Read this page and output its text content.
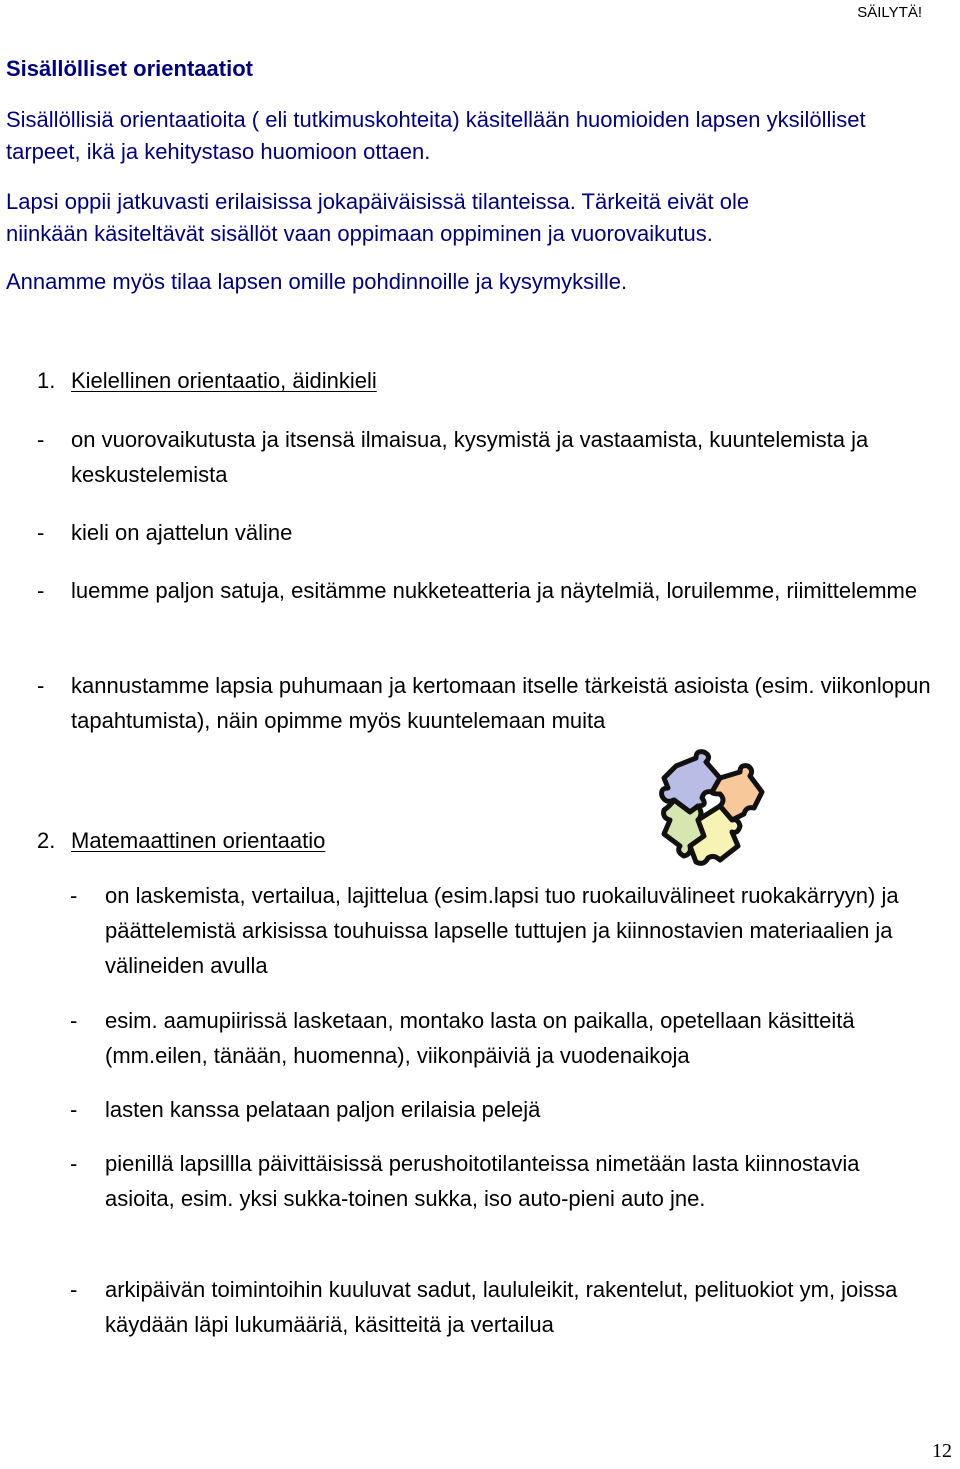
SÄILYTÄ!
Sisällölliset orientaatiot
Sisällöllisiä orientaatioita ( eli tutkimuskohteita) käsitellään huomioiden lapsen yksilölliset tarpeet, ikä ja kehitystaso huomioon ottaen.
Lapsi oppii jatkuvasti erilaisissa jokapäiväisissä tilanteissa. Tärkeitä eivät ole
niinkään käsiteltävät sisällöt vaan oppimaan oppiminen ja vuorovaikutus.
Annamme myös tilaa lapsen omille pohdinnoille ja kysymyksille.
1. Kielellinen orientaatio, äidinkieli
- on vuorovaikutusta ja itsensä ilmaisua, kysymistä ja vastaamista, kuuntelemista ja keskustelemista
- kieli on ajattelun väline
- luemme paljon satuja, esitämme nukketeatteria ja näytelmiä, loruilemme, riimittelemme
- kannustamme lapsia puhumaan ja kertomaan itselle tärkeistä asioista (esim. viikonlopun tapahtumista), näin opimme myös kuuntelemaan muita
2. Matemaattinen orientaatio
- on laskemista, vertailua, lajittelua (esim.lapsi tuo ruokailuvälineet ruokakärryyn) ja päättelemistä arkisissa touhuissa lapselle tuttujen ja kiinnostavien materiaalien ja välineiden avulla
- esim. aamupiirissä lasketaan, montako lasta on paikalla, opetellaan käsitteitä (mm.eilen, tänään, huomenna), viikonpäiviä ja vuodenaikoja
- lasten kanssa pelataan paljon erilaisia pelejä
- pienillä lapsillla päivittäisissä perushoitotilanteissa nimetään lasta kiinnostavia asioita, esim. yksi sukka-toinen sukka, iso auto-pieni auto jne.
- arkipäivän toimintoihin kuuluvat sadut, laululeikit, rakentelut, pelituokiot ym, joissa käydään läpi lukumääriä, käsitteitä ja vertailua
12
